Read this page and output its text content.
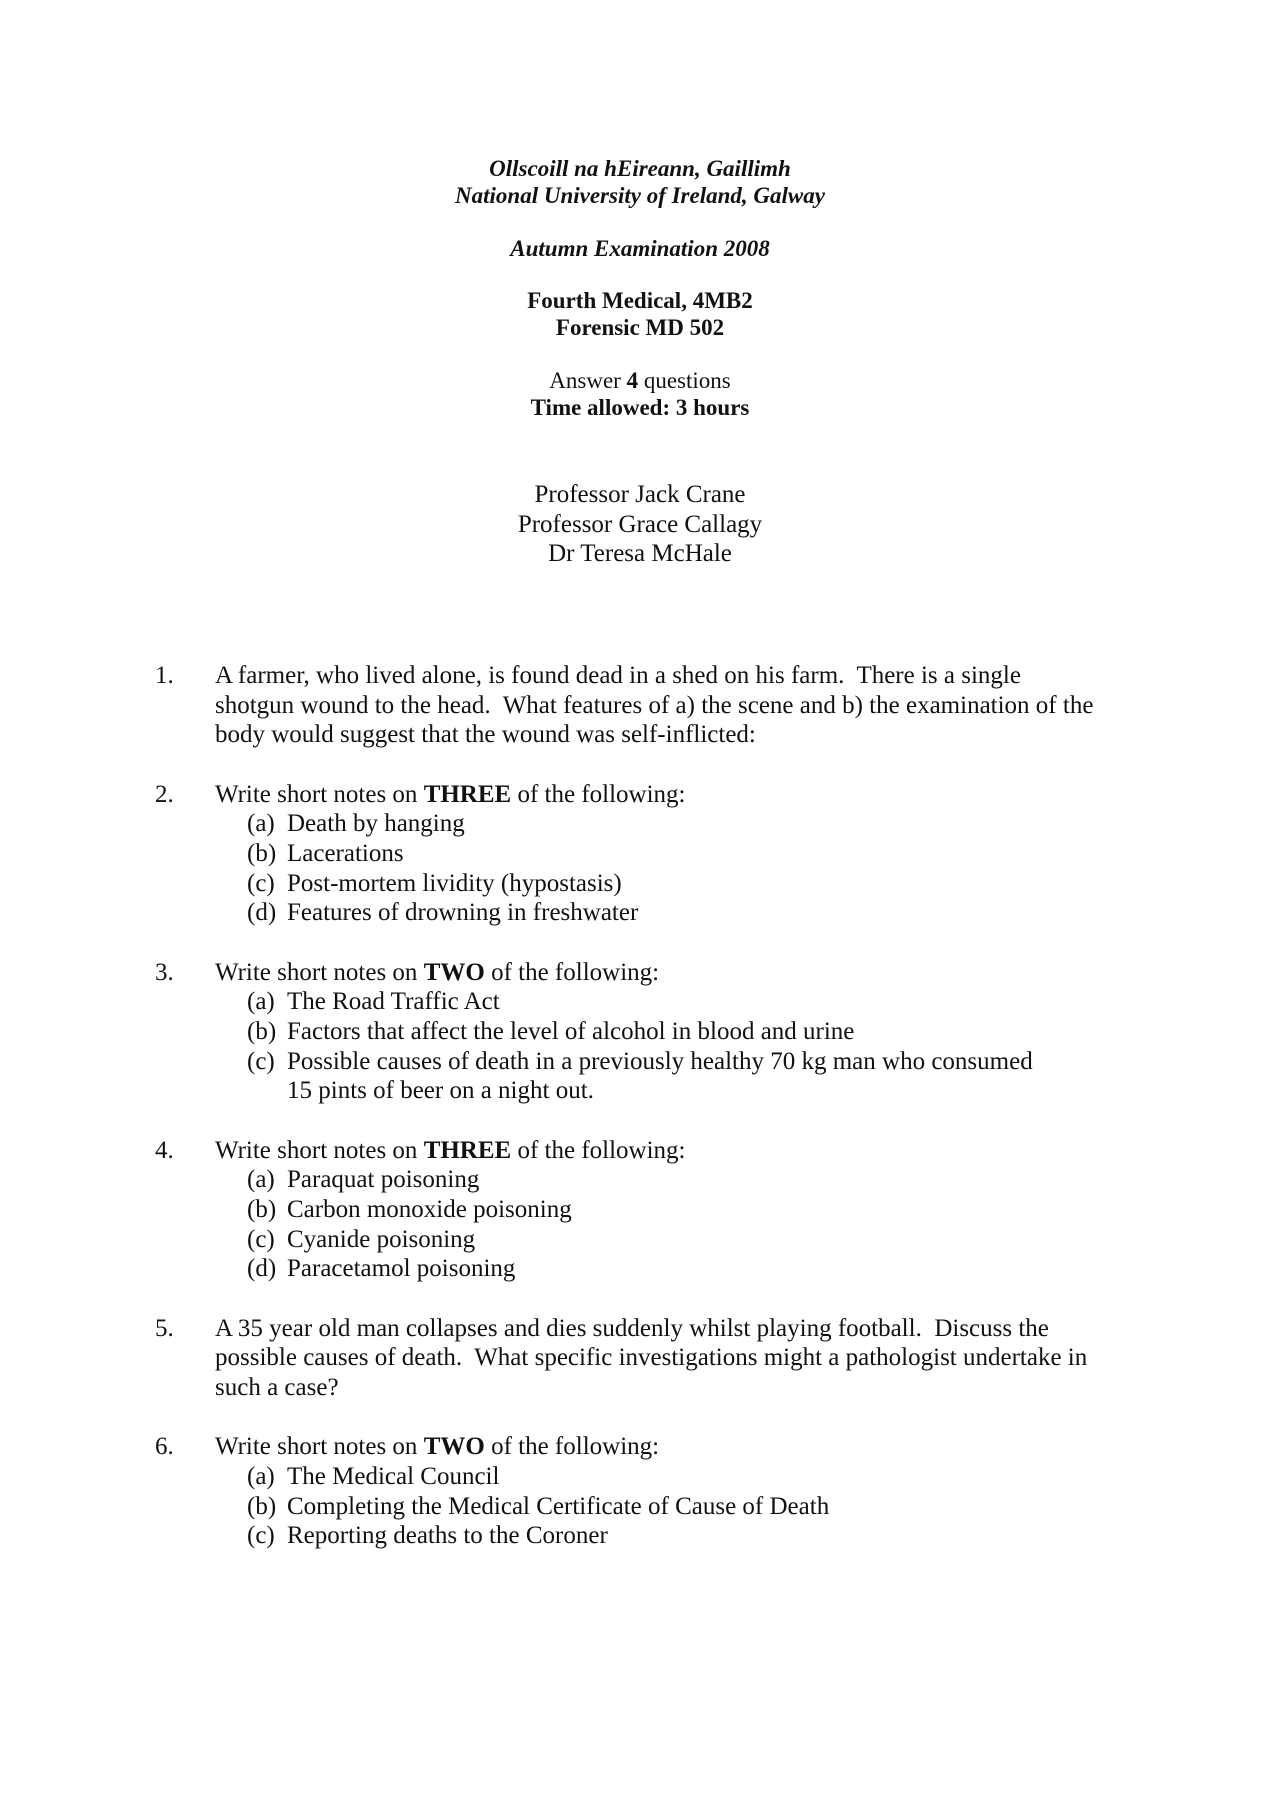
Ollscoill na hEireann, Gaillimh
National University of Ireland, Galway
Autumn Examination 2008
Fourth Medical, 4MB2
Forensic MD 502
Answer 4 questions
Time allowed: 3 hours
Professor Jack Crane
Professor Grace Callagy
Dr Teresa McHale
1. A farmer, who lived alone, is found dead in a shed on his farm.  There is a single
shotgun wound to the head.  What features of a) the scene and b) the examination of the
body would suggest that the wound was self-inflicted:
2. Write short notes on THREE of the following:
(a) Death by hanging
(b) Lacerations
(c) Post-mortem lividity (hypostasis)
(d) Features of drowning in freshwater
3. Write short notes on TWO of the following:
(a) The Road Traffic Act
(b) Factors that affect the level of alcohol in blood and urine
(c) Possible causes of death in a previously healthy 70 kg man who consumed
15 pints of beer on a night out.
4. Write short notes on THREE of the following:
(a) Paraquat poisoning
(b) Carbon monoxide poisoning
(c) Cyanide poisoning
(d) Paracetamol poisoning
5. A 35 year old man collapses and dies suddenly whilst playing football.  Discuss the
possible causes of death.  What specific investigations might a pathologist undertake in
such a case?
6. Write short notes on TWO of the following:
(a) The Medical Council
(b) Completing the Medical Certificate of Cause of Death
(c) Reporting deaths to the Coroner
